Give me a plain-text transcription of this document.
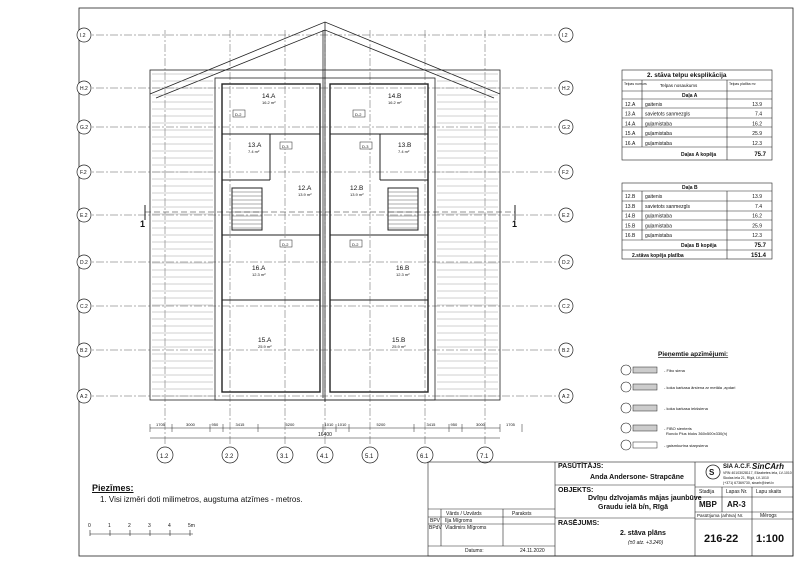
1.2	2.2	3.1	4.1	5.1	6.1	7.1
I.2	I.2
H.2	H.2
G.2	G.2
F.2	F.2
E.2	E.2
D.2	D.2
C.2	C.2
B.2	B.2
A.2	A.2
1	1
14.A
16.2 m²
14.B
16.2 m²
13.A
7.4 m²
13.B
7.4 m²
12.A
13.9 m²
12.B
13.9 m²
16.A
12.3 m²
16.B
12.3 m²
15.A
25.9 m²
15.B
25.9 m²
D-2	D-2
D-2	D-2
D-3	D-3
1705	3000	950	3415	5200	1010 1010	5200	3415	950	3000	1705
16400
2. stāva telpu eksplikācija
Telpas numurs	Telpas nosaukums	Telpas platība m²
Daļa A
12.A gaitenis	13.9
13.A savietots sanmezgls	7.4
14.A guļamistaba	16.2
15.A guļamistaba	25.9
16.A guļamistaba	12.3
Daļas A kopēja	75.7
Daļa B
12.B gaitenis	13.9
13.B savietots sanmezgls	7.4
14.B guļamistaba	16.2
15.B guļamistaba	25.9
16.B guļamistaba	12.3
Daļas B kopēja	75.7
2.stāva kopēja platība	151.4
Pieņemtie apzīmējumi:
- Fibo siena
- koka karkasa ārsiena ar metāla ,apdari
- koka karkasa iekšsiena
- FIBO sienteris
Rondo Plus bloks 360x500x330(h)
- gaismkurtna starpsiena
S
Piezīmes:

1. Visi izmēri doti milimetros, augstuma atzīmes - metros.

0	1	2	3	4	5m
PASŪTĪTĀJS:
Anda Andersone- Strapcāne
OBJEKTS:
Dvīņu dzīvojamās mājas jaunbūve
Graudu ielā b/n, Rīgā
RASĒJUMS:
2. stāva plāns
(±0 atz. +3.240)
SIA A.C.F. SinCArh
VRN 40103028117, Elizabetes iela, LV-1010
Skolas iela 21, Rīgā, LV-1010
(+371) 67369730, sinarh@inet.lv
Stadija Lapas Nr. Lapu skaits
MBP AR-3
Pasūtījuma (arhīva) Nr.	Mērogs
216-22 1:100
Vārds / Uzvārds	Paraksts
BPV Ilja Mīgroms
BPdV Vladimirs Mīgroms
Datums:	24.11.2020
